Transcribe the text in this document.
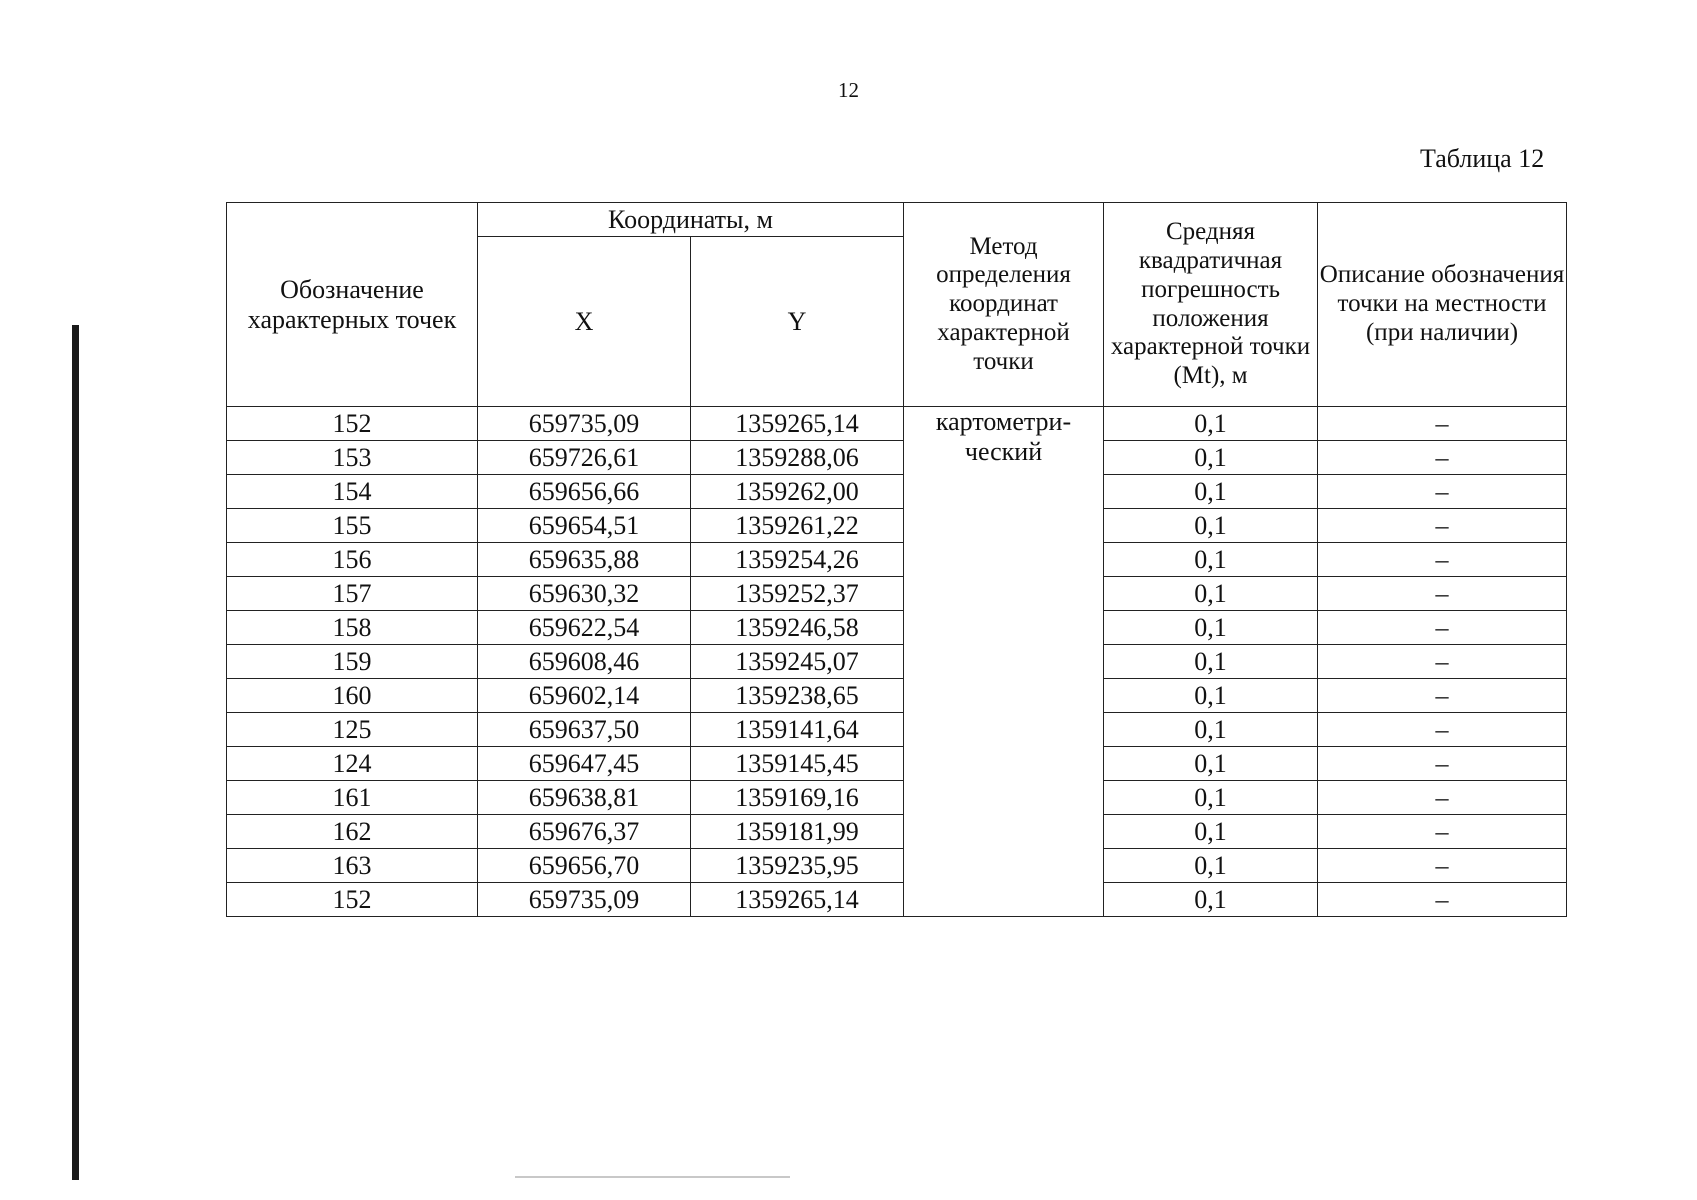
12
Таблица 12
Обозначение характерных точек	Координаты, м		Метод определения координат характерной точки	Средняя квадратичная погрешность положения характерной точки (Mt), м	Описание обозначения точки на местности (при наличии)
	X	Y			
152	659735,09	1359265,14	картометри-ческий	0,1	–
153	659726,61	1359288,06		0,1	–
154	659656,66	1359262,00		0,1	–
155	659654,51	1359261,22		0,1	–
156	659635,88	1359254,26		0,1	–
157	659630,32	1359252,37		0,1	–
158	659622,54	1359246,58		0,1	–
159	659608,46	1359245,07		0,1	–
160	659602,14	1359238,65		0,1	–
125	659637,50	1359141,64		0,1	–
124	659647,45	1359145,45		0,1	–
161	659638,81	1359169,16		0,1	–
162	659676,37	1359181,99		0,1	–
163	659656,70	1359235,95		0,1	–
152	659735,09	1359265,14		0,1	–
